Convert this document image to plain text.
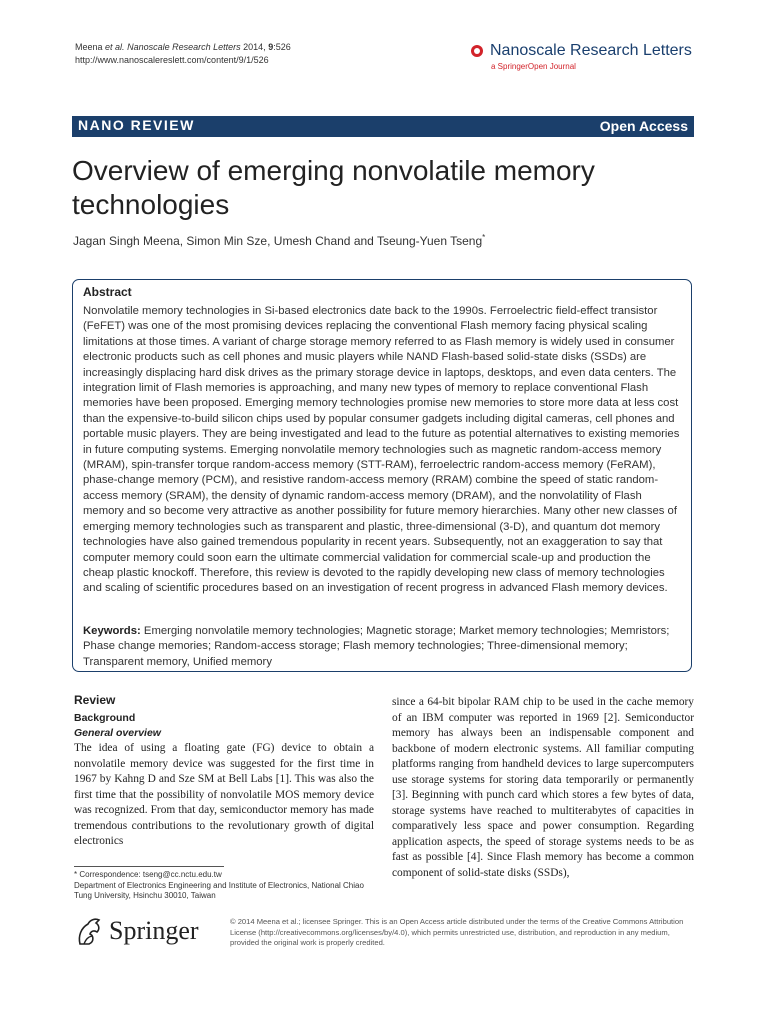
Meena et al. Nanoscale Research Letters 2014, 9:526
http://www.nanoscalereslett.com/content/9/1/526
Nanoscale Research Letters
a SpringerOpen Journal
NANO REVIEW	Open Access
Overview of emerging nonvolatile memory technologies
Jagan Singh Meena, Simon Min Sze, Umesh Chand and Tseung-Yuen Tseng*
Abstract
Nonvolatile memory technologies in Si-based electronics date back to the 1990s. Ferroelectric field-effect transistor (FeFET) was one of the most promising devices replacing the conventional Flash memory facing physical scaling limitations at those times. A variant of charge storage memory referred to as Flash memory is widely used in consumer electronic products such as cell phones and music players while NAND Flash-based solid-state disks (SSDs) are increasingly displacing hard disk drives as the primary storage device in laptops, desktops, and even data centers. The integration limit of Flash memories is approaching, and many new types of memory to replace conventional Flash memories have been proposed. Emerging memory technologies promise new memories to store more data at less cost than the expensive-to-build silicon chips used by popular consumer gadgets including digital cameras, cell phones and portable music players. They are being investigated and lead to the future as potential alternatives to existing memories in future computing systems. Emerging nonvolatile memory technologies such as magnetic random-access memory (MRAM), spin-transfer torque random-access memory (STT-RAM), ferroelectric random-access memory (FeRAM), phase-change memory (PCM), and resistive random-access memory (RRAM) combine the speed of static random-access memory (SRAM), the density of dynamic random-access memory (DRAM), and the nonvolatility of Flash memory and so become very attractive as another possibility for future memory hierarchies. Many other new classes of emerging memory technologies such as transparent and plastic, three-dimensional (3-D), and quantum dot memory technologies have also gained tremendous popularity in recent years. Subsequently, not an exaggeration to say that computer memory could soon earn the ultimate commercial validation for commercial scale-up and production the cheap plastic knockoff. Therefore, this review is devoted to the rapidly developing new class of memory technologies and scaling of scientific procedures based on an investigation of recent progress in advanced Flash memory devices.
Keywords: Emerging nonvolatile memory technologies; Magnetic storage; Market memory technologies; Memristors; Phase change memories; Random-access storage; Flash memory technologies; Three-dimensional memory; Transparent memory, Unified memory
Review
Background
General overview
The idea of using a floating gate (FG) device to obtain a nonvolatile memory device was suggested for the first time in 1967 by Kahng D and Sze SM at Bell Labs [1]. This was also the first time that the possibility of nonvolatile MOS memory device was recognized. From that day, semiconductor memory has made tremendous contributions to the revolutionary growth of digital electronics
since a 64-bit bipolar RAM chip to be used in the cache memory of an IBM computer was reported in 1969 [2]. Semiconductor memory has always been an indispensable component and backbone of modern electronic systems. All familiar computing platforms ranging from handheld devices to large supercomputers use storage systems for storing data temporarily or permanently [3]. Beginning with punch card which stores a few bytes of data, storage systems have reached to multiterabytes of capacities in comparatively less space and power consumption. Regarding application aspects, the speed of storage systems needs to be as fast as possible [4]. Since Flash memory has become a common component of solid-state disks (SSDs),
* Correspondence: tseng@cc.nctu.edu.tw
Department of Electronics Engineering and Institute of Electronics, National Chiao Tung University, Hsinchu 30010, Taiwan
Springer	© 2014 Meena et al.; licensee Springer. This is an Open Access article distributed under the terms of the Creative Commons Attribution License (http://creativecommons.org/licenses/by/4.0), which permits unrestricted use, distribution, and reproduction in any medium, provided the original work is properly credited.
